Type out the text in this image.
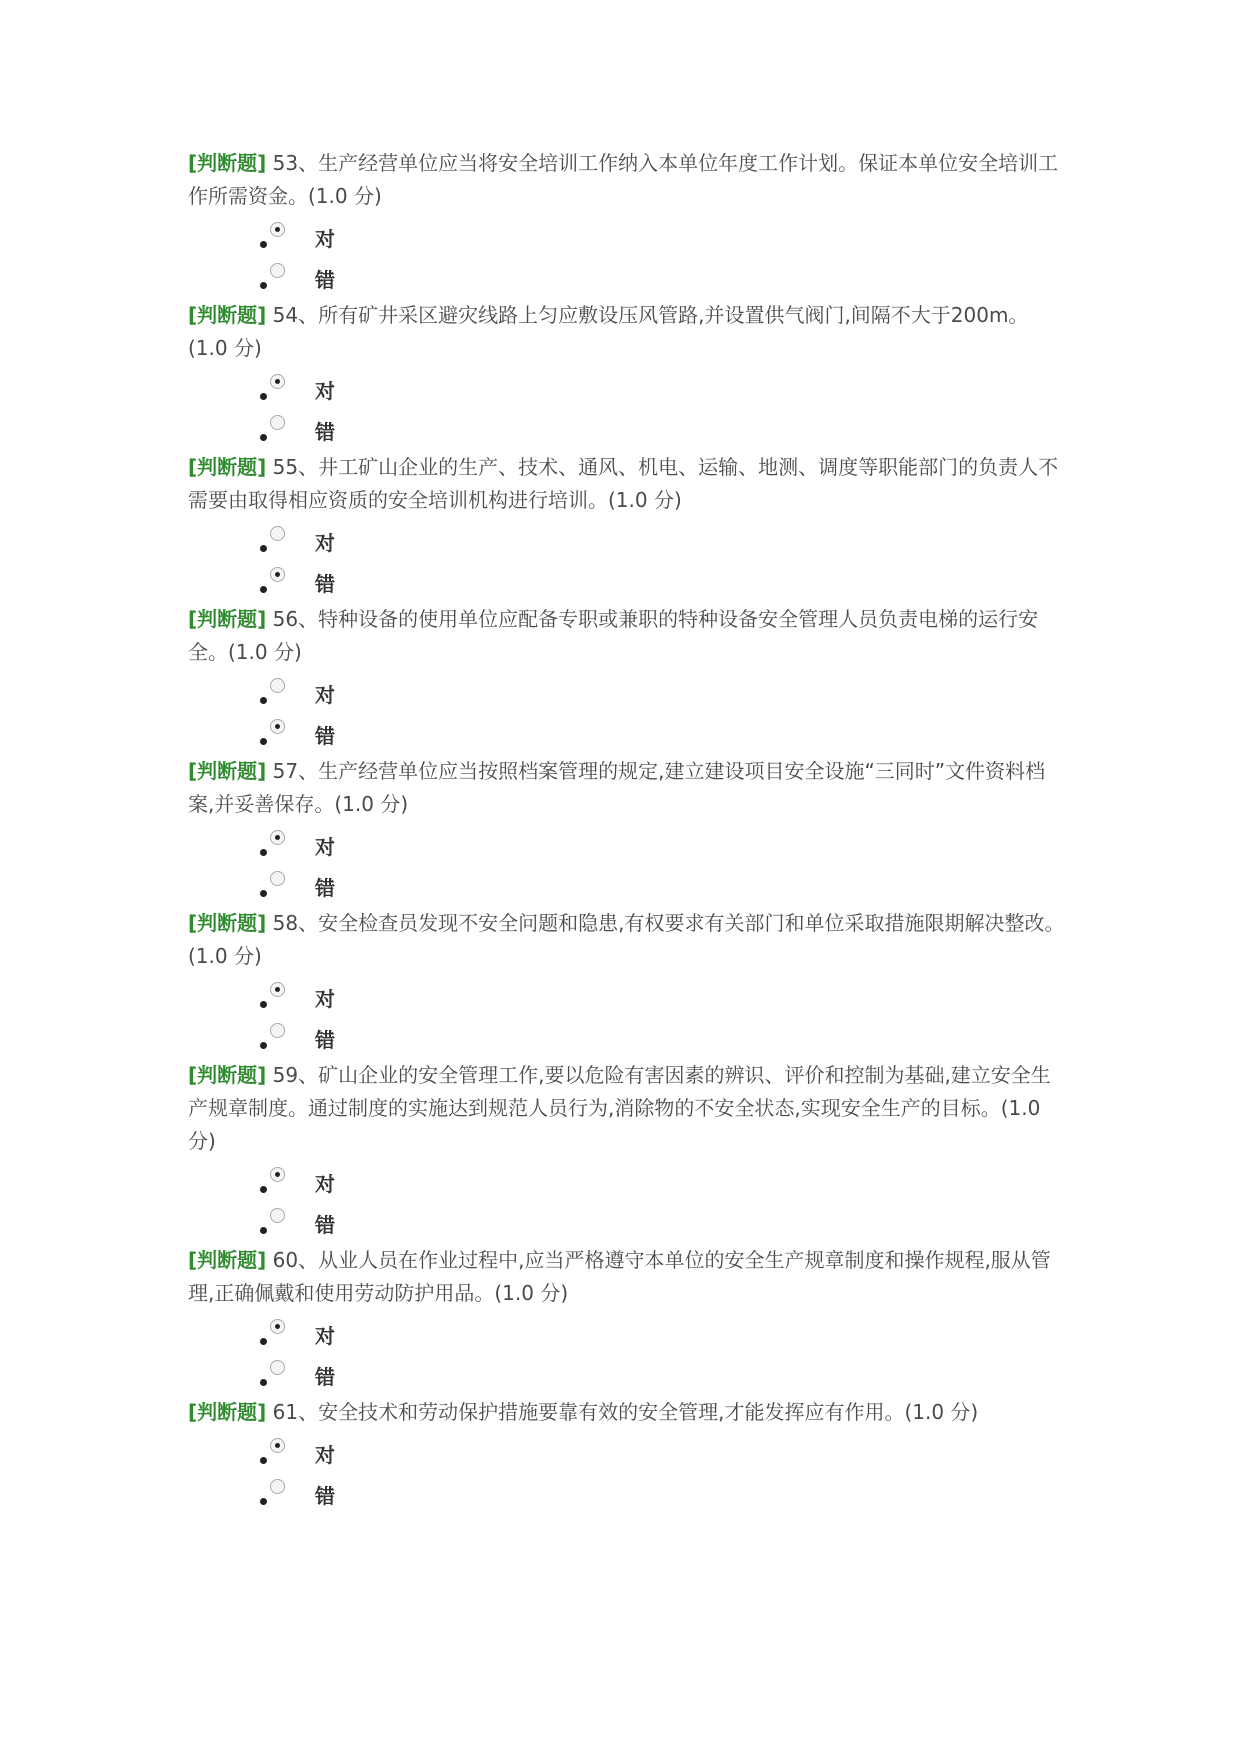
[判断题] 53、生产经营单位应当将安全培训工作纳入本单位年度工作计划。保证本单位安全培训工作所需资金。(1.0 分)

对
错

[判断题] 54、所有矿井采区避灾线路上匀应敷设压风管路,并设置供气阀门,间隔不大于200m。(1.0 分)

对
错

[判断题] 55、井工矿山企业的生产、技术、通风、机电、运输、地测、调度等职能部门的负责人不需要由取得相应资质的安全培训机构进行培训。(1.0 分)

对
错

[判断题] 56、特种设备的使用单位应配备专职或兼职的特种设备安全管理人员负责电梯的运行安全。(1.0 分)

对
错

[判断题] 57、生产经营单位应当按照档案管理的规定,建立建设项目安全设施“三同时”文件资料档案,并妥善保存。(1.0 分)

对
错

[判断题] 58、安全检查员发现不安全问题和隐患,有权要求有关部门和单位采取措施限期解决整改。(1.0 分)

对
错

[判断题] 59、矿山企业的安全管理工作,要以危险有害因素的辨识、评价和控制为基础,建立安全生产规章制度。通过制度的实施达到规范人员行为,消除物的不安全状态,实现安全生产的目标。(1.0 分)

对
错

[判断题] 60、从业人员在作业过程中,应当严格遵守本单位的安全生产规章制度和操作规程,服从管理,正确佩戴和使用劳动防护用品。(1.0 分)

对
错

[判断题] 61、安全技术和劳动保护措施要靠有效的安全管理,才能发挥应有作用。(1.0 分)

对
错
